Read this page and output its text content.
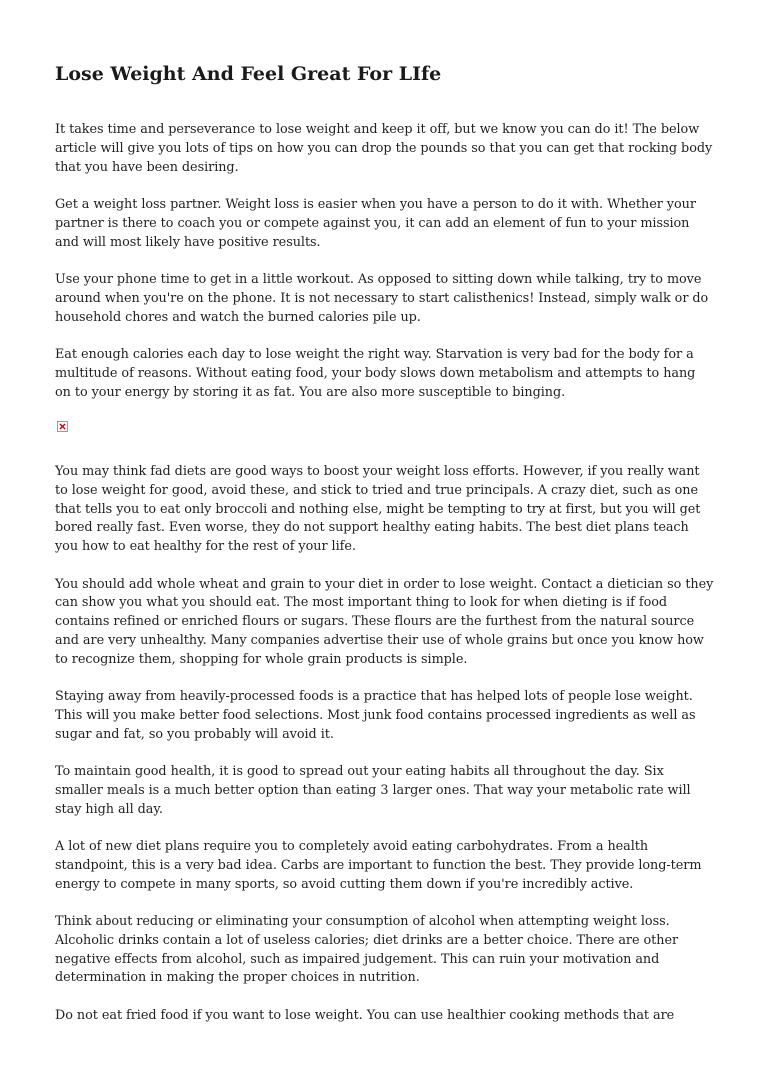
Lose Weight And Feel Great For LIfe

It takes time and perseverance to lose weight and keep it off, but we know you can do it! The below article will give you lots of tips on how you can drop the pounds so that you can get that rocking body that you have been desiring.

Get a weight loss partner. Weight loss is easier when you have a person to do it with. Whether your partner is there to coach you or compete against you, it can add an element of fun to your mission and will most likely have positive results.

Use your phone time to get in a little workout. As opposed to sitting down while talking, try to move around when you're on the phone. It is not necessary to start calisthenics! Instead, simply walk or do household chores and watch the burned calories pile up.

Eat enough calories each day to lose weight the right way. Starvation is very bad for the body for a multitude of reasons. Without eating food, your body slows down metabolism and attempts to hang on to your energy by storing it as fat. You are also more susceptible to binging.

You may think fad diets are good ways to boost your weight loss efforts. However, if you really want to lose weight for good, avoid these, and stick to tried and true principals. A crazy diet, such as one that tells you to eat only broccoli and nothing else, might be tempting to try at first, but you will get bored really fast. Even worse, they do not support healthy eating habits. The best diet plans teach you how to eat healthy for the rest of your life.

You should add whole wheat and grain to your diet in order to lose weight. Contact a dietician so they can show you what you should eat. The most important thing to look for when dieting is if food contains refined or enriched flours or sugars. These flours are the furthest from the natural source and are very unhealthy. Many companies advertise their use of whole grains but once you know how to recognize them, shopping for whole grain products is simple.

Staying away from heavily-processed foods is a practice that has helped lots of people lose weight. This will you make better food selections. Most junk food contains processed ingredients as well as sugar and fat, so you probably will avoid it.

To maintain good health, it is good to spread out your eating habits all throughout the day. Six smaller meals is a much better option than eating 3 larger ones. That way your metabolic rate will stay high all day.

A lot of new diet plans require you to completely avoid eating carbohydrates. From a health standpoint, this is a very bad idea. Carbs are important to function the best. They provide long-term energy to compete in many sports, so avoid cutting them down if you're incredibly active.

Think about reducing or eliminating your consumption of alcohol when attempting weight loss. Alcoholic drinks contain a lot of useless calories; diet drinks are a better choice. There are other negative effects from alcohol, such as impaired judgement. This can ruin your motivation and determination in making the proper choices in nutrition.

Do not eat fried food if you want to lose weight. You can use healthier cooking methods that are
